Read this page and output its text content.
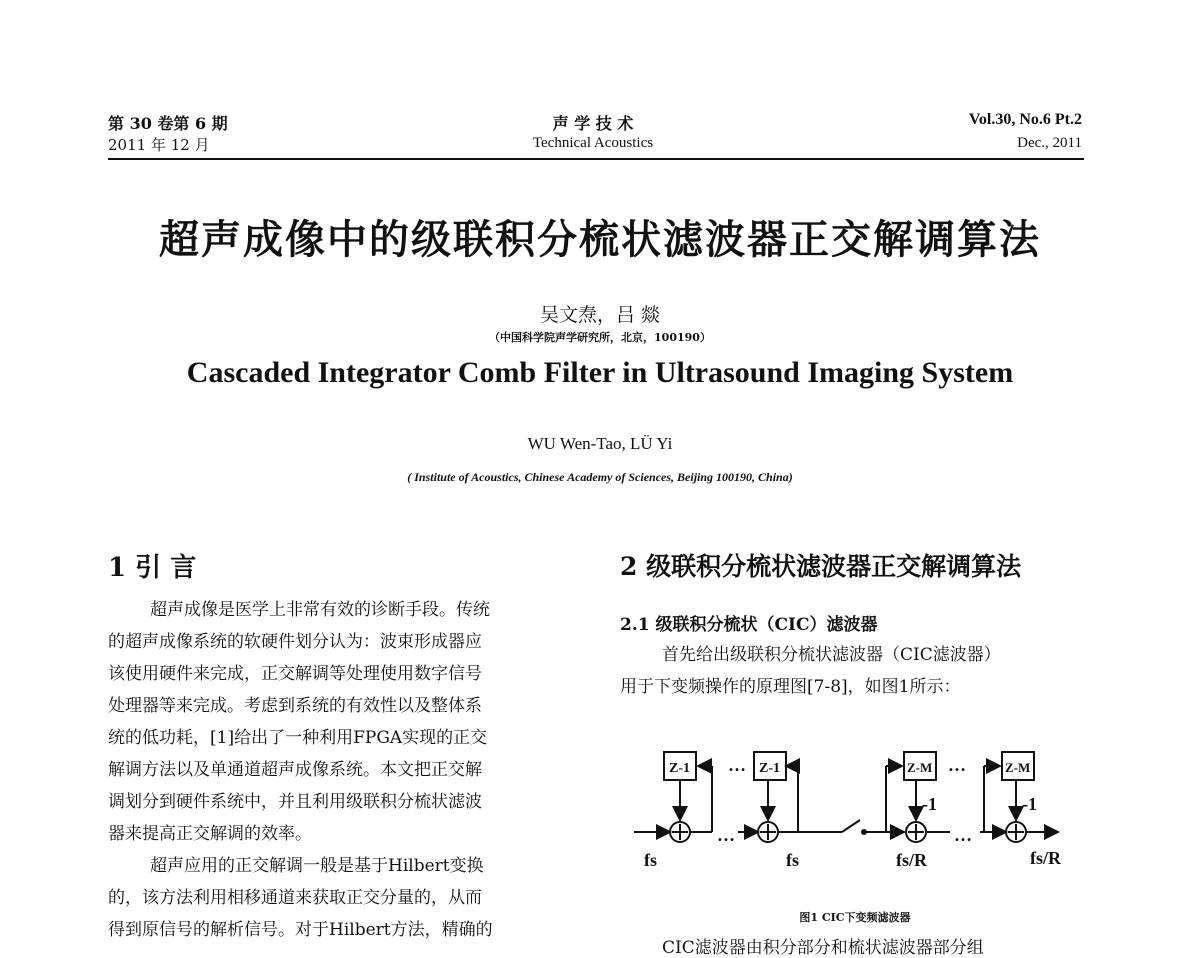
第 30 卷第 6 期
2011 年 12 月
声 学 技 术
Technical Acoustics
Vol.30, No.6 Pt.2
Dec., 2011
超声成像中的级联积分梳状滤波器正交解调算法
吴文焘，吕 燚
（中国科学院声学研究所，北京，100190）
Cascaded Integrator Comb Filter in Ultrasound Imaging System
WU Wen-Tao, LÜ Yi
( Institute of Acoustics, Chinese Academy of Sciences, Beijing 100190, China)
1 引 言
超声成像是医学上非常有效的诊断手段。传统
的超声成像系统的软硬件划分认为：波束形成器应
该使用硬件来完成，正交解调等处理使用数字信号
处理器等来完成。考虑到系统的有效性以及整体系
统的低功耗，[1]给出了一种利用FPGA实现的正交
解调方法以及单通道超声成像系统。本文把正交解
调划分到硬件系统中，并且利用级联积分梳状滤波
器来提高正交解调的效率。
超声应用的正交解调一般是基于Hilbert变换
的，该方法利用相移通道来获取正交分量的，从而
得到原信号的解析信号。对于Hilbert方法，精确的
2 级联积分梳状滤波器正交解调算法
2.1 级联积分梳状（CIC）滤波器
首先给出级联积分梳状滤波器（CIC滤波器）
用于下变频操作的原理图[7-8]，如图1所示：
Z-1	Z-1	Z-M	Z-M
-1	-1
…	…
…	…
fs	fs	fs/R	fs/R
图1 CIC下变频滤波器
CIC滤波器由积分部分和梳状滤波器部分组
